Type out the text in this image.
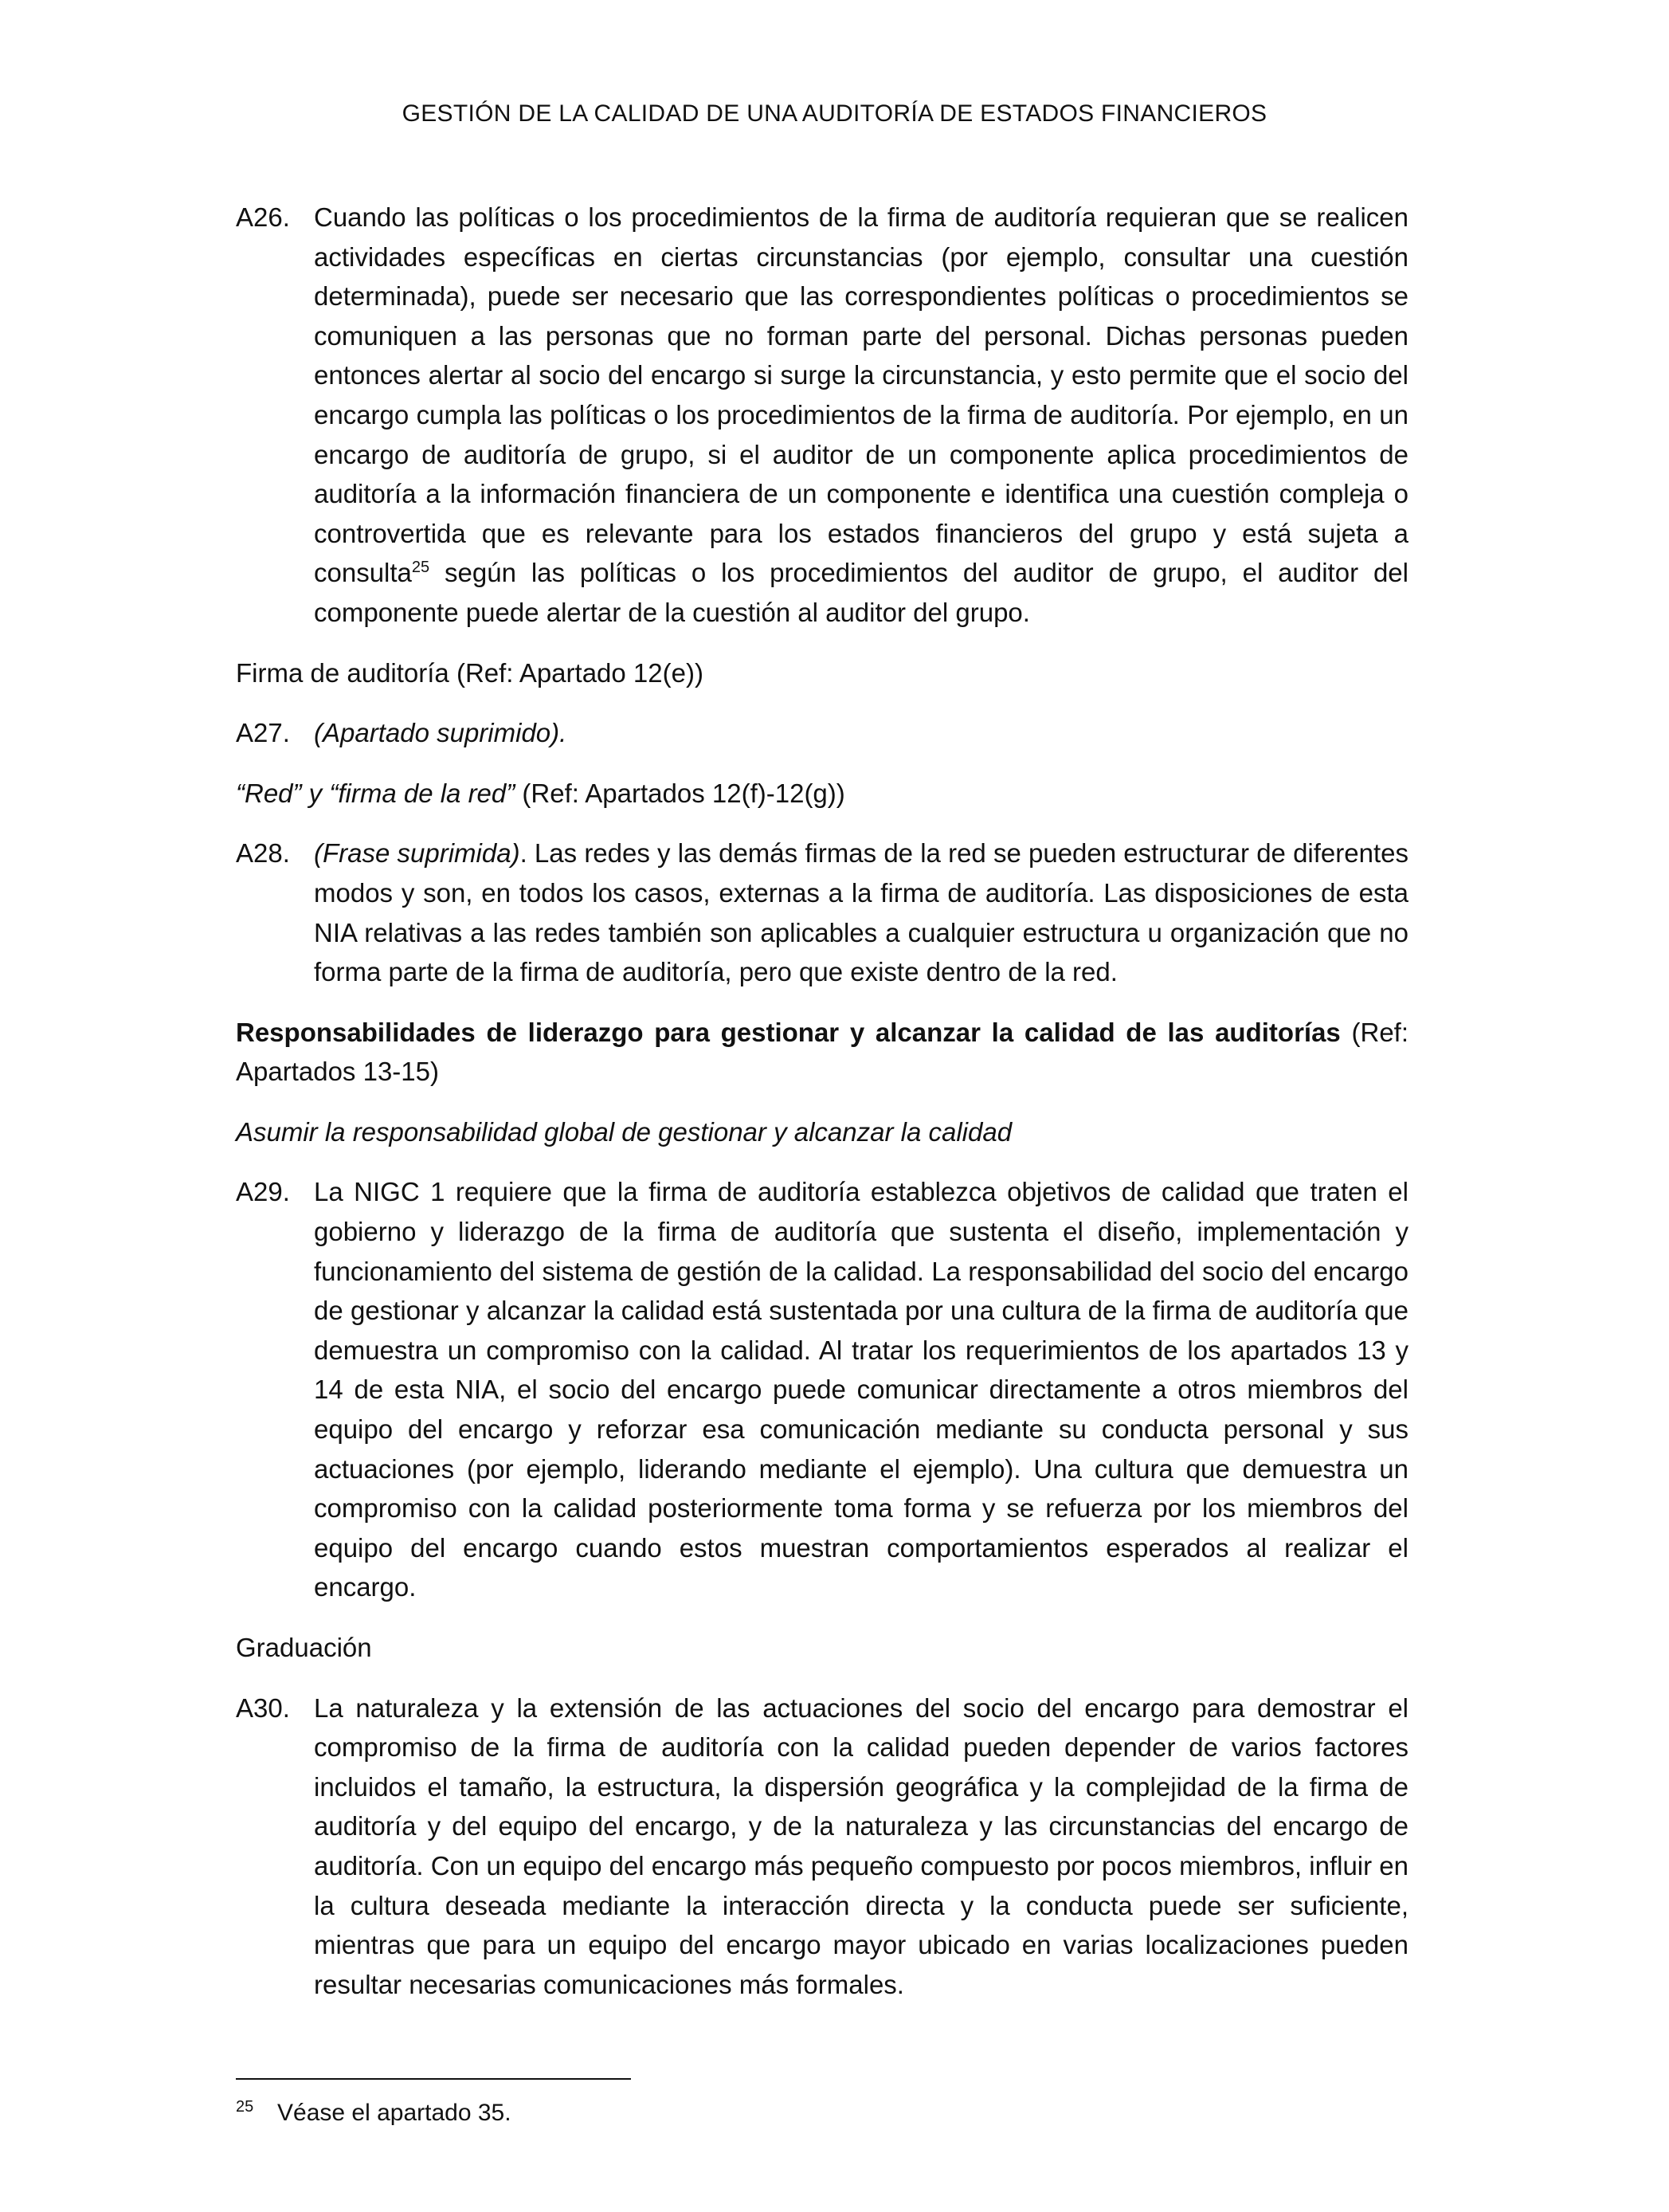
GESTIÓN DE LA CALIDAD DE UNA AUDITORÍA DE ESTADOS FINANCIEROS
A26. Cuando las políticas o los procedimientos de la firma de auditoría requieran que se realicen actividades específicas en ciertas circunstancias (por ejemplo, consultar una cuestión determinada), puede ser necesario que las correspondientes políticas o procedimientos se comuniquen a las personas que no forman parte del personal. Dichas personas pueden entonces alertar al socio del encargo si surge la circunstancia, y esto permite que el socio del encargo cumpla las políticas o los procedimientos de la firma de auditoría. Por ejemplo, en un encargo de auditoría de grupo, si el auditor de un componente aplica procedimientos de auditoría a la información financiera de un componente e identifica una cuestión compleja o controvertida que es relevante para los estados financieros del grupo y está sujeta a consulta$^{25}$ según las políticas o los procedimientos del auditor de grupo, el auditor del componente puede alertar de la cuestión al auditor del grupo.
Firma de auditoría (Ref: Apartado 12(e))
A27. (Apartado suprimido).
“Red” y “firma de la red” (Ref: Apartados 12(f)-12(g))
A28. (Frase suprimida). Las redes y las demás firmas de la red se pueden estructurar de diferentes modos y son, en todos los casos, externas a la firma de auditoría. Las disposiciones de esta NIA relativas a las redes también son aplicables a cualquier estructura u organización que no forma parte de la firma de auditoría, pero que existe dentro de la red.
Responsabilidades de liderazgo para gestionar y alcanzar la calidad de las auditorías (Ref: Apartados 13-15)
Asumir la responsabilidad global de gestionar y alcanzar la calidad
A29. La NIGC 1 requiere que la firma de auditoría establezca objetivos de calidad que traten el gobierno y liderazgo de la firma de auditoría que sustenta el diseño, implementación y funcionamiento del sistema de gestión de la calidad. La responsabilidad del socio del encargo de gestionar y alcanzar la calidad está sustentada por una cultura de la firma de auditoría que demuestra un compromiso con la calidad. Al tratar los requerimientos de los apartados 13 y 14 de esta NIA, el socio del encargo puede comunicar directamente a otros miembros del equipo del encargo y reforzar esa comunicación mediante su conducta personal y sus actuaciones (por ejemplo, liderando mediante el ejemplo). Una cultura que demuestra un compromiso con la calidad posteriormente toma forma y se refuerza por los miembros del equipo del encargo cuando estos muestran comportamientos esperados al realizar el encargo.
Graduación
A30. La naturaleza y la extensión de las actuaciones del socio del encargo para demostrar el compromiso de la firma de auditoría con la calidad pueden depender de varios factores incluidos el tamaño, la estructura, la dispersión geográfica y la complejidad de la firma de auditoría y del equipo del encargo, y de la naturaleza y las circunstancias del encargo de auditoría. Con un equipo del encargo más pequeño compuesto por pocos miembros, influir en la cultura deseada mediante la interacción directa y la conducta puede ser suficiente, mientras que para un equipo del encargo mayor ubicado en varias localizaciones pueden resultar necesarias comunicaciones más formales.
25 Véase el apartado 35.
